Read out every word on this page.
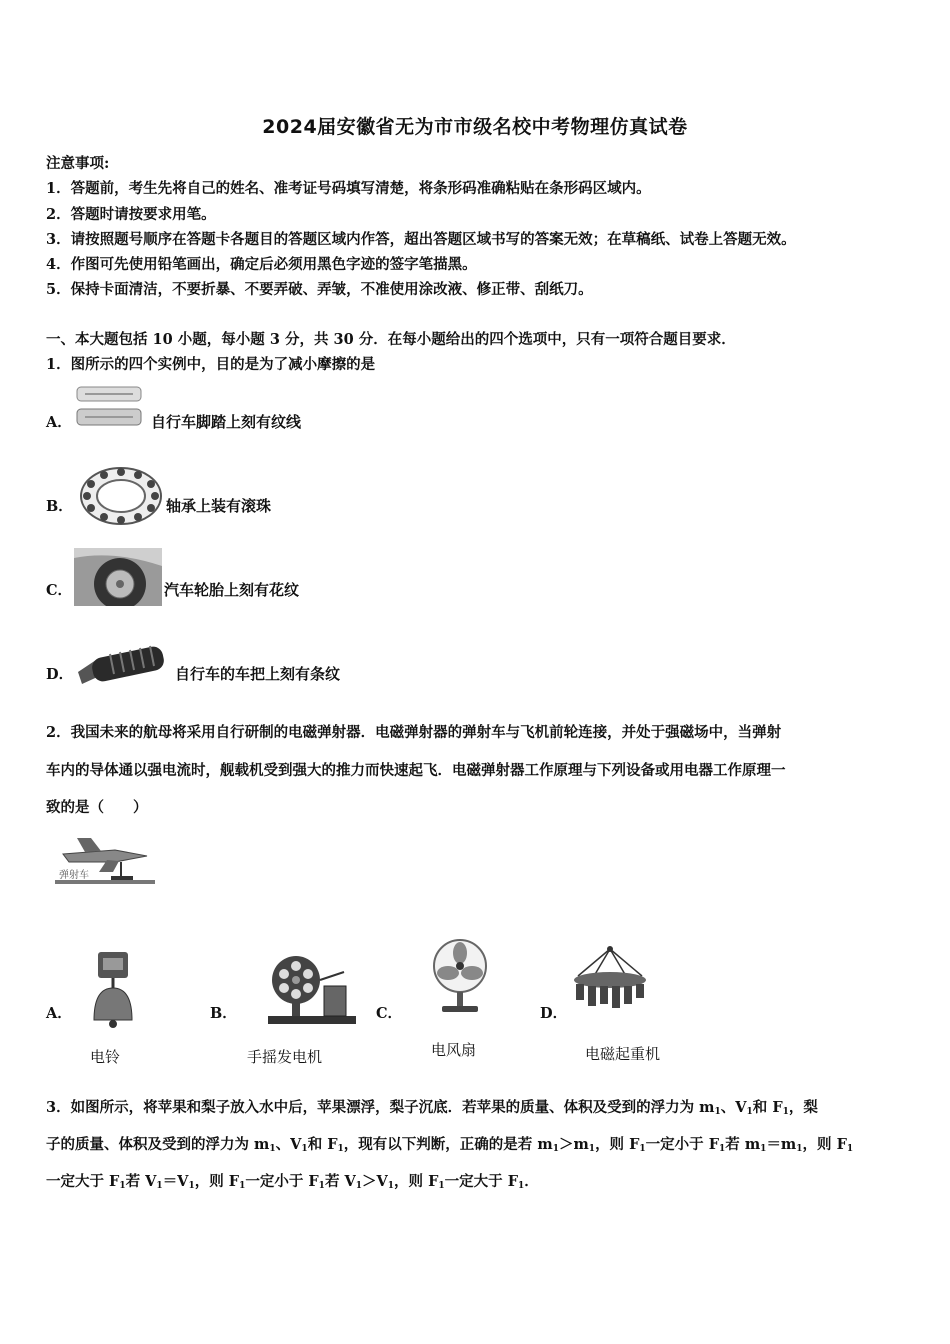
2024届安徽省无为市市级名校中考物理仿真试卷
注意事项:
1．答题前，考生先将自己的姓名、准考证号码填写清楚，将条形码准确粘贴在条形码区域内。
2．答题时请按要求用笔。
3．请按照题号顺序在答题卡各题目的答题区域内作答，超出答题区域书写的答案无效；在草稿纸、试卷上答题无效。
4．作图可先使用铅笔画出，确定后必须用黑色字迹的签字笔描黑。
5．保持卡面清洁，不要折暴、不要弄破、弄皱，不准使用涂改液、修正带、刮纸刀。
一、本大题包括 10 小题，每小题 3 分，共 30 分．在每小题给出的四个选项中，只有一项符合题目要求．
1．图所示的四个实例中，目的是为了减小摩擦的是
A．	自行车脚踏上刻有纹线
B．	轴承上装有滚珠
C．	汽车轮胎上刻有花纹
D．	自行车的车把上刻有条纹
2．我国未来的航母将采用自行研制的电磁弹射器．电磁弹射器的弹射车与飞机前轮连接，并处于强磁场中，当弹射
车内的导体通以强电流时，舰载机受到强大的推力而快速起飞．电磁弹射器工作原理与下列设备或用电器工作原理一
致的是（　　）
弹射车
A．
电铃
B．
手摇发电机
C．
电风扇
D．
电磁起重机
3．如图所示，将苹果和梨子放入水中后，苹果漂浮，梨子沉底．若苹果的质量、体积及受到的浮力为 $m_1$、$V_1$和 $F_1$，梨
子的质量、体积及受到的浮力为 $m_1$、$V_1$和 $F_1$，现有以下判断，正确的是若 $m_1>m_1$，则 $F_1$一定小于 $F_1$若 $m_1=m_1$，则 $F_1$
一定大于 $F_1$若 $V_1=V_1$，则 $F_1$一定小于 $F_1$若 $V_1>V_1$，则 $F_1$一定大于 $F_1$．
